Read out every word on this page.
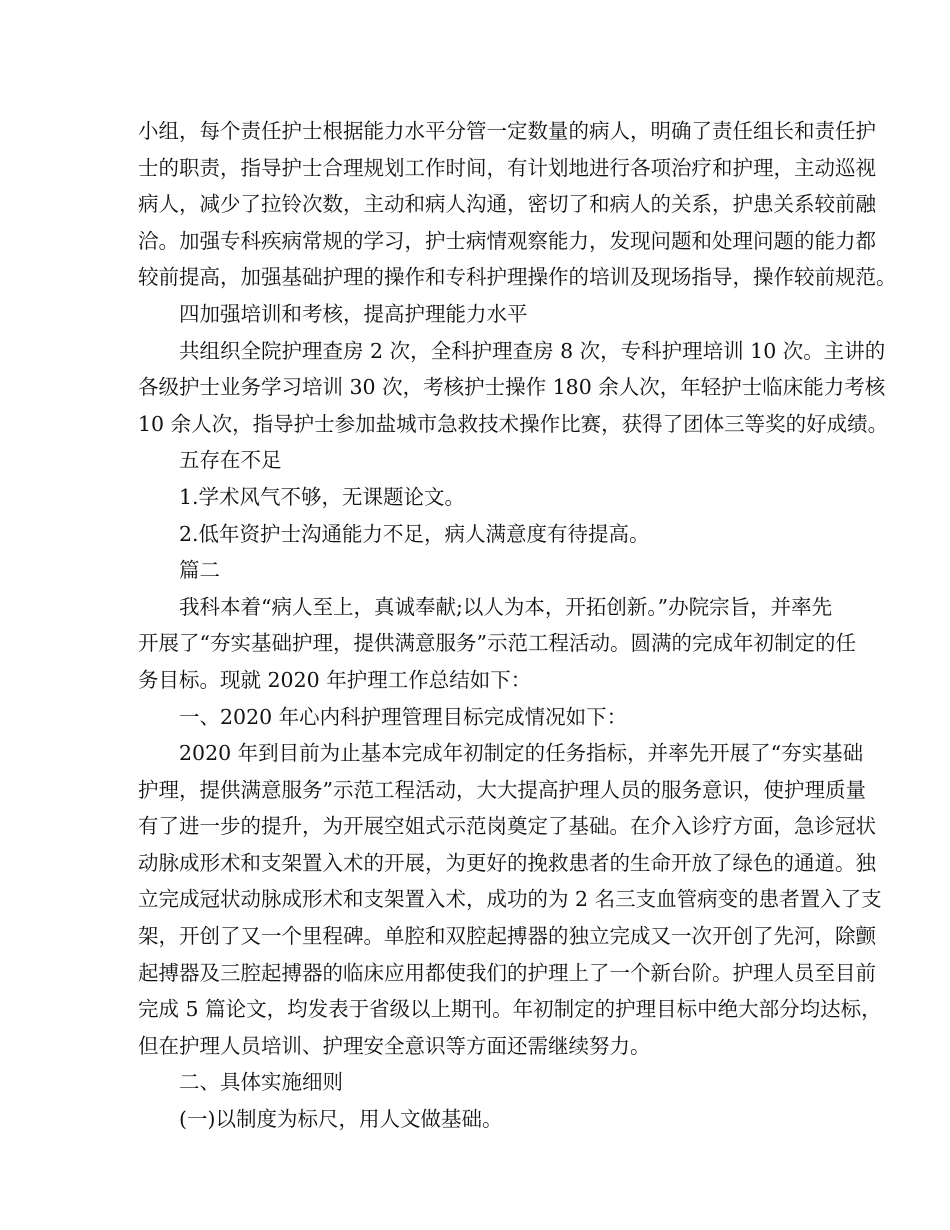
小组，每个责任护士根据能力水平分管一定数量的病人，明确了责任组长和责任护
士的职责，指导护士合理规划工作时间，有计划地进行各项治疗和护理，主动巡视
病人，减少了拉铃次数，主动和病人沟通，密切了和病人的关系，护患关系较前融
洽。加强专科疾病常规的学习，护士病情观察能力，发现问题和处理问题的能力都
较前提高，加强基础护理的操作和专科护理操作的培训及现场指导，操作较前规范。
四加强培训和考核，提高护理能力水平
共组织全院护理查房 2 次，全科护理查房 8 次，专科护理培训 10 次。主讲的
各级护士业务学习培训 30 次，考核护士操作 180 余人次，年轻护士临床能力考核
10 余人次，指导护士参加盐城市急救技术操作比赛，获得了团体三等奖的好成绩。
五存在不足
1.学术风气不够，无课题论文。
2.低年资护士沟通能力不足，病人满意度有待提高。
篇二
我科本着“病人至上，真诚奉献;以人为本，开拓创新。”办院宗旨，并率先
开展了“夯实基础护理，提供满意服务”示范工程活动。圆满的完成年初制定的任
务目标。现就 2020 年护理工作总结如下：
一、2020 年心内科护理管理目标完成情况如下：
2020 年到目前为止基本完成年初制定的任务指标，并率先开展了“夯实基础
护理，提供满意服务”示范工程活动，大大提高护理人员的服务意识，使护理质量
有了进一步的提升，为开展空姐式示范岗奠定了基础。在介入诊疗方面，急诊冠状
动脉成形术和支架置入术的开展，为更好的挽救患者的生命开放了绿色的通道。独
立完成冠状动脉成形术和支架置入术，成功的为 2 名三支血管病变的患者置入了支
架，开创了又一个里程碑。单腔和双腔起搏器的独立完成又一次开创了先河，除颤
起搏器及三腔起搏器的临床应用都使我们的护理上了一个新台阶。护理人员至目前
完成 5 篇论文，均发表于省级以上期刊。年初制定的护理目标中绝大部分均达标，
但在护理人员培训、护理安全意识等方面还需继续努力。
二、具体实施细则
(一)以制度为标尺，用人文做基础。
